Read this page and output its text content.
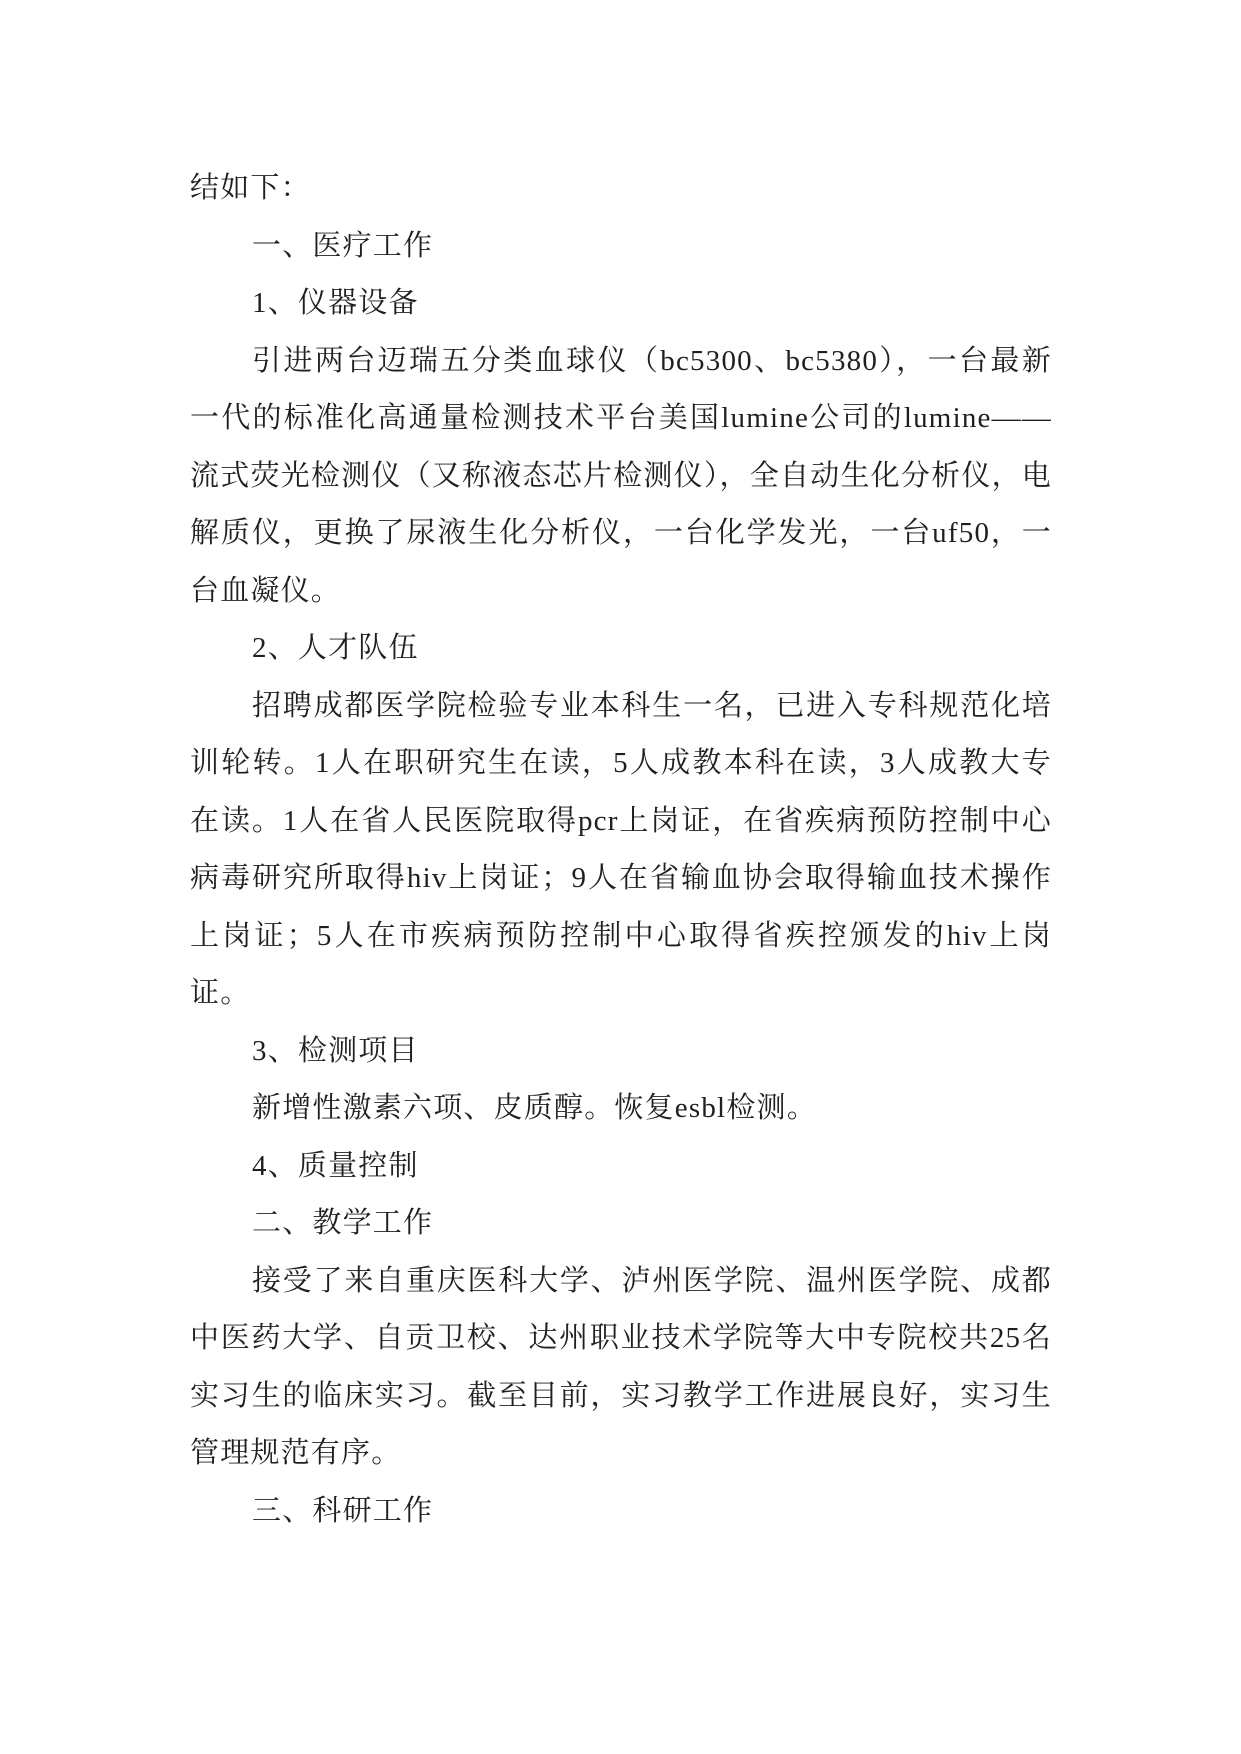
结如下：

一、医疗工作

1、仪器设备

引进两台迈瑞五分类血球仪（bc5300、bc5380），一台最新一代的标准化高通量检测技术平台美国lumine公司的lumine——流式荧光检测仪（又称液态芯片检测仪），全自动生化分析仪，电解质仪，更换了尿液生化分析仪，一台化学发光，一台uf50，一台血凝仪。

2、人才队伍

招聘成都医学院检验专业本科生一名，已进入专科规范化培训轮转。1人在职研究生在读，5人成教本科在读，3人成教大专在读。1人在省人民医院取得pcr上岗证，在省疾病预防控制中心病毒研究所取得hiv上岗证；9人在省输血协会取得输血技术操作上岗证；5人在市疾病预防控制中心取得省疾控颁发的hiv上岗证。

3、检测项目

新增性激素六项、皮质醇。恢复esbl检测。

4、质量控制

二、教学工作

接受了来自重庆医科大学、泸州医学院、温州医学院、成都中医药大学、自贡卫校、达州职业技术学院等大中专院校共25名实习生的临床实习。截至目前，实习教学工作进展良好，实习生管理规范有序。

三、科研工作
